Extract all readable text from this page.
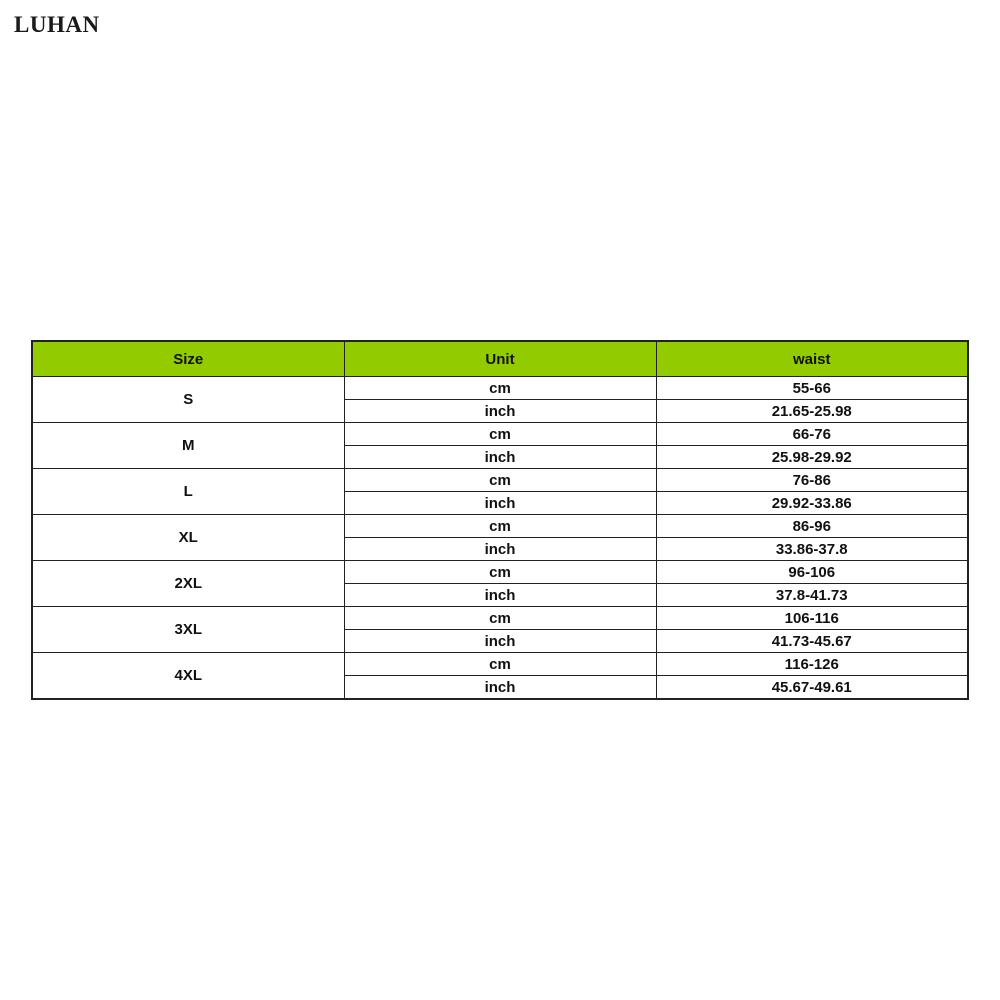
LUHAN
Size	Unit	waist
S	cm	55-66
	inch	21.65-25.98
M	cm	66-76
	inch	25.98-29.92
L	cm	76-86
	inch	29.92-33.86
XL	cm	86-96
	inch	33.86-37.8
2XL	cm	96-106
	inch	37.8-41.73
3XL	cm	106-116
	inch	41.73-45.67
4XL	cm	116-126
	inch	45.67-49.61
